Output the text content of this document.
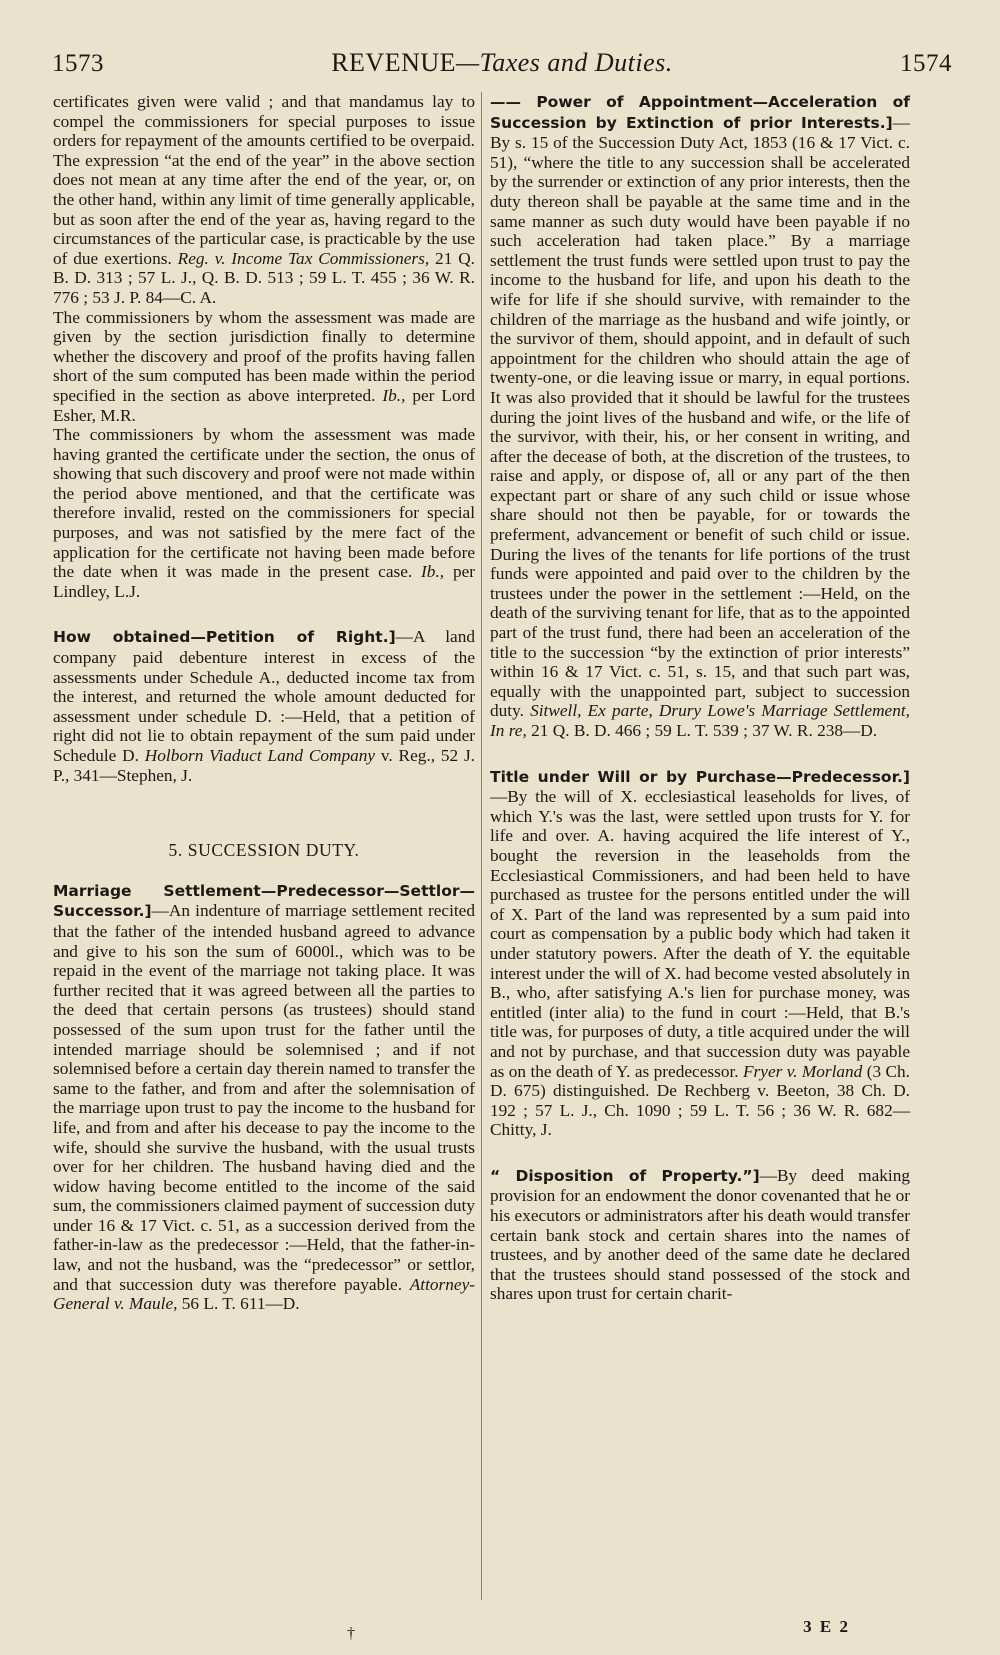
1573	REVENUE—Taxes and Duties.	1574

certificates given were valid ; and that mandamus lay to compel the commissioners for special purposes to issue orders for repayment of the amounts certified to be overpaid. The expression “at the end of the year” in the above section does not mean at any time after the end of the year, or, on the other hand, within any limit of time generally applicable, but as soon after the end of the year as, having regard to the circumstances of the particular case, is practicable by the use of due exertions. Reg. v. Income Tax Commissioners, 21 Q. B. D. 313 ; 57 L. J., Q. B. D. 513 ; 59 L. T. 455 ; 36 W. R. 776 ; 53 J. P. 84—C. A.

The commissioners by whom the assessment was made are given by the section jurisdiction finally to determine whether the discovery and proof of the profits having fallen short of the sum computed has been made within the period specified in the section as above interpreted. Ib., per Lord Esher, M.R.

The commissioners by whom the assessment was made having granted the certificate under the section, the onus of showing that such discovery and proof were not made within the period above mentioned, and that the certificate was therefore invalid, rested on the commissioners for special purposes, and was not satisfied by the mere fact of the application for the certificate not having been made before the date when it was made in the present case. Ib., per Lindley, L.J.

How obtained—Petition of Right.]—A land company paid debenture interest in excess of the assessments under Schedule A., deducted income tax from the interest, and returned the whole amount deducted for assessment under schedule D. :—Held, that a petition of right did not lie to obtain repayment of the sum paid under Schedule D. Holborn Viaduct Land Company v. Reg., 52 J. P., 341—Stephen, J.

5. SUCCESSION DUTY.

Marriage Settlement—Predecessor—Settlor—Successor.]—An indenture of marriage settlement recited that the father of the intended husband agreed to advance and give to his son the sum of 6000l., which was to be repaid in the event of the marriage not taking place. It was further recited that it was agreed between all the parties to the deed that certain persons (as trustees) should stand possessed of the sum upon trust for the father until the intended marriage should be solemnised ; and if not solemnised before a certain day therein named to transfer the same to the father, and from and after the solemnisation of the marriage upon trust to pay the income to the husband for life, and from and after his decease to pay the income to the wife, should she survive the husband, with the usual trusts over for her children. The husband having died and the widow having become entitled to the income of the said sum, the commissioners claimed payment of succession duty under 16 & 17 Vict. c. 51, as a succession derived from the father-in-law as the predecessor :—Held, that the father-in-law, and not the husband, was the “predecessor” or settlor, and that succession duty was therefore payable. Attorney-General v. Maule, 56 L. T. 611—D.

—— Power of Appointment—Acceleration of Succession by Extinction of prior Interests.]—By s. 15 of the Succession Duty Act, 1853 (16 & 17 Vict. c. 51), “where the title to any succession shall be accelerated by the surrender or extinction of any prior interests, then the duty thereon shall be payable at the same time and in the same manner as such duty would have been payable if no such acceleration had taken place.” By a marriage settlement the trust funds were settled upon trust to pay the income to the husband for life, and upon his death to the wife for life if she should survive, with remainder to the children of the marriage as the husband and wife jointly, or the survivor of them, should appoint, and in default of such appointment for the children who should attain the age of twenty-one, or die leaving issue or marry, in equal portions. It was also provided that it should be lawful for the trustees during the joint lives of the husband and wife, or the life of the survivor, with their, his, or her consent in writing, and after the decease of both, at the discretion of the trustees, to raise and apply, or dispose of, all or any part of the then expectant part or share of any such child or issue whose share should not then be payable, for or towards the preferment, advancement or benefit of such child or issue. During the lives of the tenants for life portions of the trust funds were appointed and paid over to the children by the trustees under the power in the settlement :—Held, on the death of the surviving tenant for life, that as to the appointed part of the trust fund, there had been an acceleration of the title to the succession “by the extinction of prior interests” within 16 & 17 Vict. c. 51, s. 15, and that such part was, equally with the unappointed part, subject to succession duty. Sitwell, Ex parte, Drury Lowe's Marriage Settlement, In re, 21 Q. B. D. 466 ; 59 L. T. 539 ; 37 W. R. 238—D.

Title under Will or by Purchase—Predecessor.]—By the will of X. ecclesiastical leaseholds for lives, of which Y.'s was the last, were settled upon trusts for Y. for life and over. A. having acquired the life interest of Y., bought the reversion in the leaseholds from the Ecclesiastical Commissioners, and had been held to have purchased as trustee for the persons entitled under the will of X. Part of the land was represented by a sum paid into court as compensation by a public body which had taken it under statutory powers. After the death of Y. the equitable interest under the will of X. had become vested absolutely in B., who, after satisfying A.'s lien for purchase money, was entitled (inter alia) to the fund in court :—Held, that B.'s title was, for purposes of duty, a title acquired under the will and not by purchase, and that succession duty was payable as on the death of Y. as predecessor. Fryer v. Morland (3 Ch. D. 675) distinguished. De Rechberg v. Beeton, 38 Ch. D. 192 ; 57 L. J., Ch. 1090 ; 59 L. T. 56 ; 36 W. R. 682—Chitty, J.

“ Disposition of Property.”]—By deed making provision for an endowment the donor covenanted that he or his executors or administrators after his death would transfer certain bank stock and certain shares into the names of trustees, and by another deed of the same date he declared that the trustees should stand possessed of the stock and shares upon trust for certain charit-

3 E 2
†
